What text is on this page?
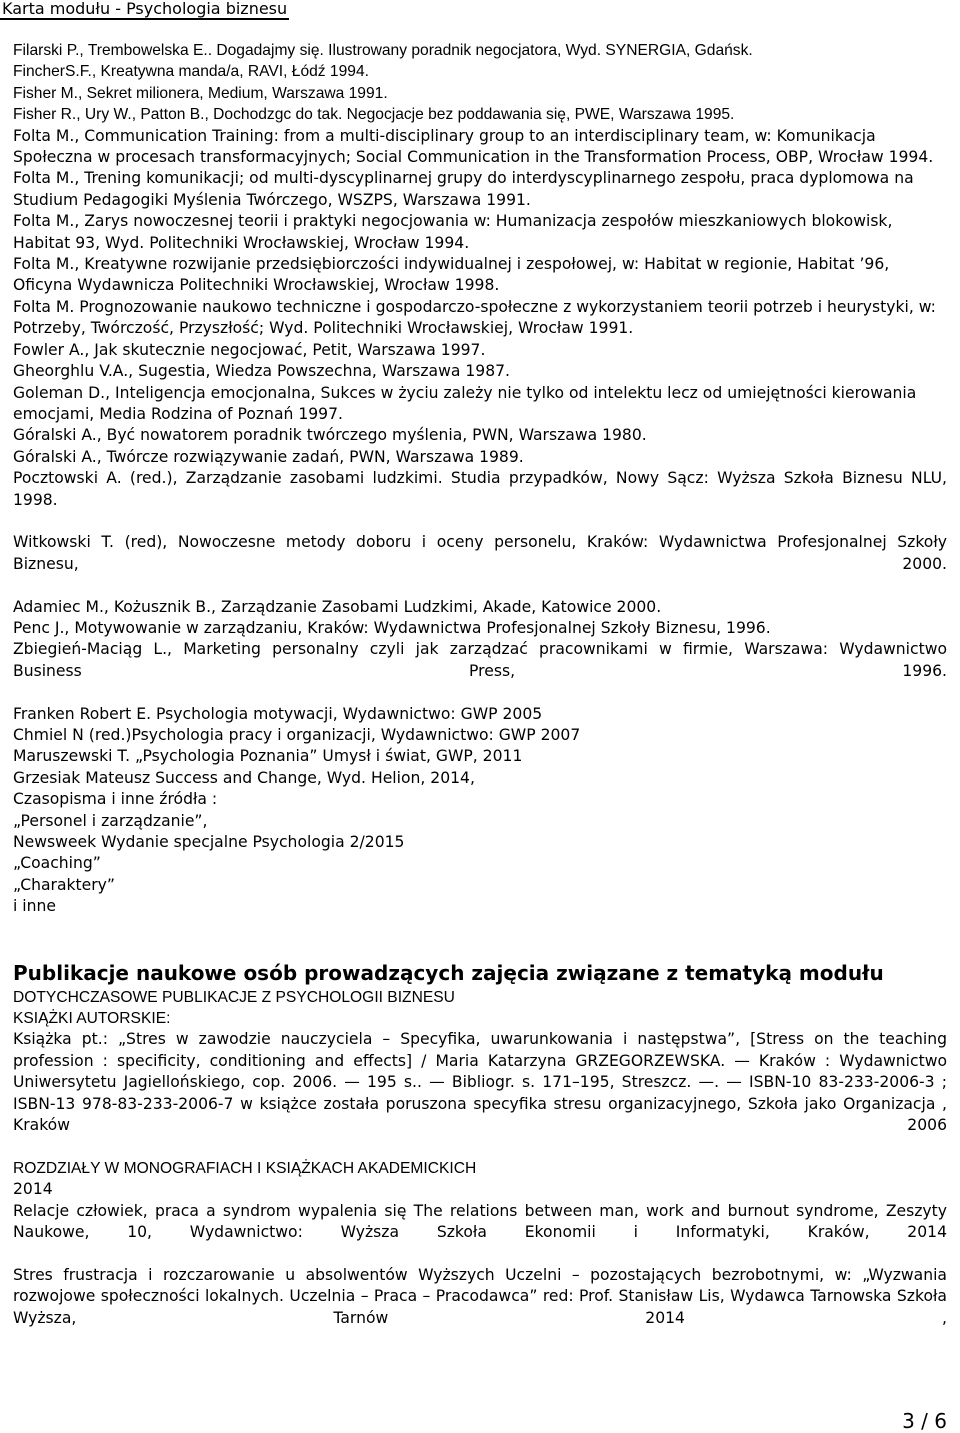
Karta modułu - Psychologia biznesu

Filarski P., Trembowelska E.. Dogadajmy się. Ilustrowany poradnik negocjatora, Wyd. SYNERGIA, Gdańsk.

FincherS.F., Kreatywna manda/a, RAVI, Łódź 1994.

Fisher M., Sekret milionera, Medium, Warszawa 1991.

Fisher R., Ury W., Patton B., Dochodzgc do tak. Negocjacje bez poddawania się, PWE, Warszawa 1995.

Folta M., Communication Training: from a multi-disciplinary group to an interdisciplinary team, w: Komunikacja Społeczna w procesach transformacyjnych; Social Communication in the Transformation Process, OBP, Wrocław 1994.

Folta M., Trening komunikacji; od multi-dyscyplinarnej grupy do interdyscyplinarnego zespołu, praca dyplomowa na Studium Pedagogiki Myślenia Twórczego, WSZPS, Warszawa 1991.

Folta M., Zarys nowoczesnej teorii i praktyki negocjowania w: Humanizacja zespołów mieszkaniowych blokowisk, Habitat 93, Wyd. Politechniki Wrocławskiej, Wrocław 1994.

Folta M., Kreatywne rozwijanie przedsiębiorczości indywidualnej i zespołowej, w: Habitat w regionie, Habitat ’96, Oficyna Wydawnicza Politechniki Wrocławskiej, Wrocław 1998.

Folta M. Prognozowanie naukowo techniczne i gospodarczo-społeczne z wykorzystaniem teorii potrzeb i heurystyki, w: Potrzeby, Twórczość, Przyszłość; Wyd. Politechniki Wrocławskiej, Wrocław 1991.

Fowler A., Jak skutecznie negocjować, Petit, Warszawa 1997.

Gheorghlu V.A., Sugestia, Wiedza Powszechna, Warszawa 1987.

Goleman D., Inteligencja emocjonalna, Sukces w życiu zależy nie tylko od intelektu lecz od umiejętności kierowania emocjami, Media Rodzina of Poznań 1997.

Góralski A., Być nowatorem poradnik twórczego myślenia, PWN, Warszawa 1980.

Góralski A., Twórcze rozwiązywanie zadań, PWN, Warszawa 1989.

Pocztowski A. (red.), Zarządzanie zasobami ludzkimi. Studia przypadków, Nowy Sącz: Wyższa Szkoła Biznesu NLU, 1998.

Witkowski T. (red), Nowoczesne metody doboru i oceny personelu, Kraków: Wydawnictwa Profesjonalnej Szkoły Biznesu, 2000.

Adamiec M., Kożusznik B., Zarządzanie Zasobami Ludzkimi, Akade, Katowice 2000.

Penc J., Motywowanie w zarządzaniu, Kraków: Wydawnictwa Profesjonalnej Szkoły Biznesu, 1996.

Zbiegień-Maciąg L., Marketing personalny czyli jak zarządzać pracownikami w firmie, Warszawa: Wydawnictwo Business Press, 1996.

Franken Robert E. Psychologia motywacji, Wydawnictwo: GWP 2005

Chmiel N (red.)Psychologia pracy i organizacji, Wydawnictwo: GWP 2007

Maruszewski T. „Psychologia Poznania” Umysł i świat, GWP, 2011

Grzesiak Mateusz Success and Change, Wyd. Helion, 2014,

Czasopisma i inne źródła :

„Personel i zarządzanie”,

Newsweek Wydanie specjalne Psychologia 2/2015

„Coaching”

„Charaktery”

i inne

Publikacje naukowe osób prowadzących zajęcia związane z tematyką modułu

DOTYCHCZASOWE PUBLIKACJE Z PSYCHOLOGII BIZNESU

KSIĄŻKI AUTORSKIE:

Książka pt.: „Stres w zawodzie nauczyciela – Specyfika, uwarunkowania i następstwa”, [Stress on the teaching profession : specificity, conditioning and effects] / Maria Katarzyna GRZEGORZEWSKA. — Kraków : Wydawnictwo Uniwersytetu Jagiellońskiego, cop. 2006. — 195 s.. — Bibliogr. s. 171–195, Streszcz. —. — ISBN-10 83-233-2006-3 ; ISBN-13 978-83-233-2006-7 w książce została poruszona specyfika stresu organizacyjnego, Szkoła jako Organizacja , Kraków 2006

ROZDZIAŁY W MONOGRAFIACH I KSIĄŻKACH AKADEMICKICH

2014

Relacje człowiek, praca a syndrom wypalenia się The relations between man, work and burnout syndrome, Zeszyty Naukowe, 10, Wydawnictwo: Wyższa Szkoła Ekonomii i Informatyki, Kraków, 2014

Stres frustracja i rozczarowanie u absolwentów Wyższych Uczelni – pozostających bezrobotnymi, w: „Wyzwania rozwojowe społeczności lokalnych. Uczelnia – Praca – Pracodawca” red: Prof. Stanisław Lis, Wydawca Tarnowska Szkoła Wyższa, Tarnów 2014 ,

3 / 6
